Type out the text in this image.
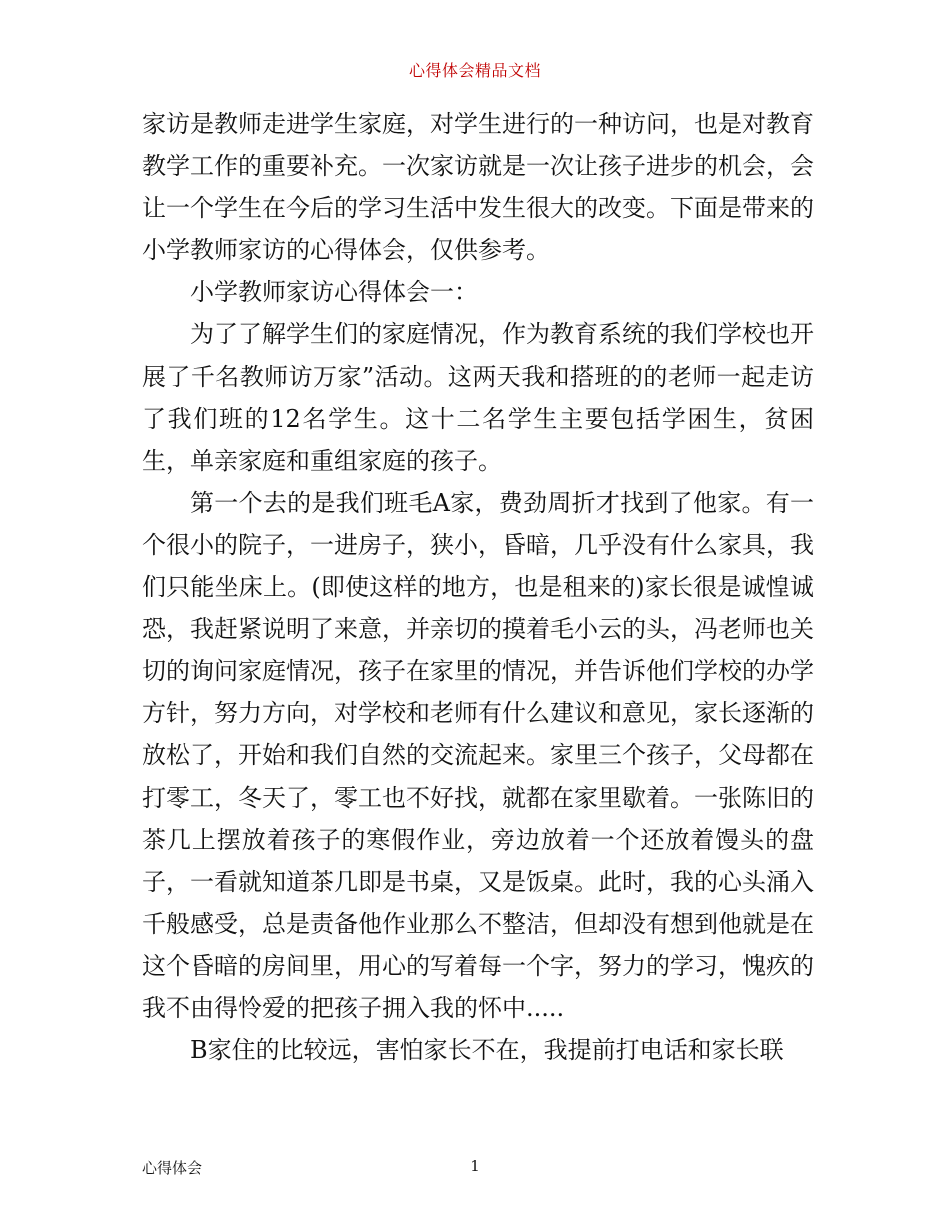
心得体会精品文档

家访是教师走进学生家庭，对学生进行的一种访问，也是对教育教学工作的重要补充。一次家访就是一次让孩子进步的机会，会让一个学生在今后的学习生活中发生很大的改变。下面是带来的小学教师家访的心得体会，仅供参考。

小学教师家访心得体会一：

为了了解学生们的家庭情况，作为教育系统的我们学校也开展了千名教师访万家”活动。这两天我和搭班的的老师一起走访了我们班的12名学生。这十二名学生主要包括学困生，贫困生，单亲家庭和重组家庭的孩子。

第一个去的是我们班毛A家，费劲周折才找到了他家。有一个很小的院子，一进房子，狭小，昏暗，几乎没有什么家具，我们只能坐床上。(即使这样的地方，也是租来的)家长很是诚惶诚恐，我赶紧说明了来意，并亲切的摸着毛小云的头，冯老师也关切的询问家庭情况，孩子在家里的情况，并告诉他们学校的办学方针，努力方向，对学校和老师有什么建议和意见，家长逐渐的放松了，开始和我们自然的交流起来。家里三个孩子，父母都在打零工，冬天了，零工也不好找，就都在家里歇着。一张陈旧的茶几上摆放着孩子的寒假作业，旁边放着一个还放着馒头的盘子，一看就知道茶几即是书桌，又是饭桌。此时，我的心头涌入千般感受，总是责备他作业那么不整洁，但却没有想到他就是在这个昏暗的房间里，用心的写着每一个字，努力的学习，愧疚的我不由得怜爱的把孩子拥入我的怀中.....

B家住的比较远，害怕家长不在，我提前打电话和家长联

心得体会	1
